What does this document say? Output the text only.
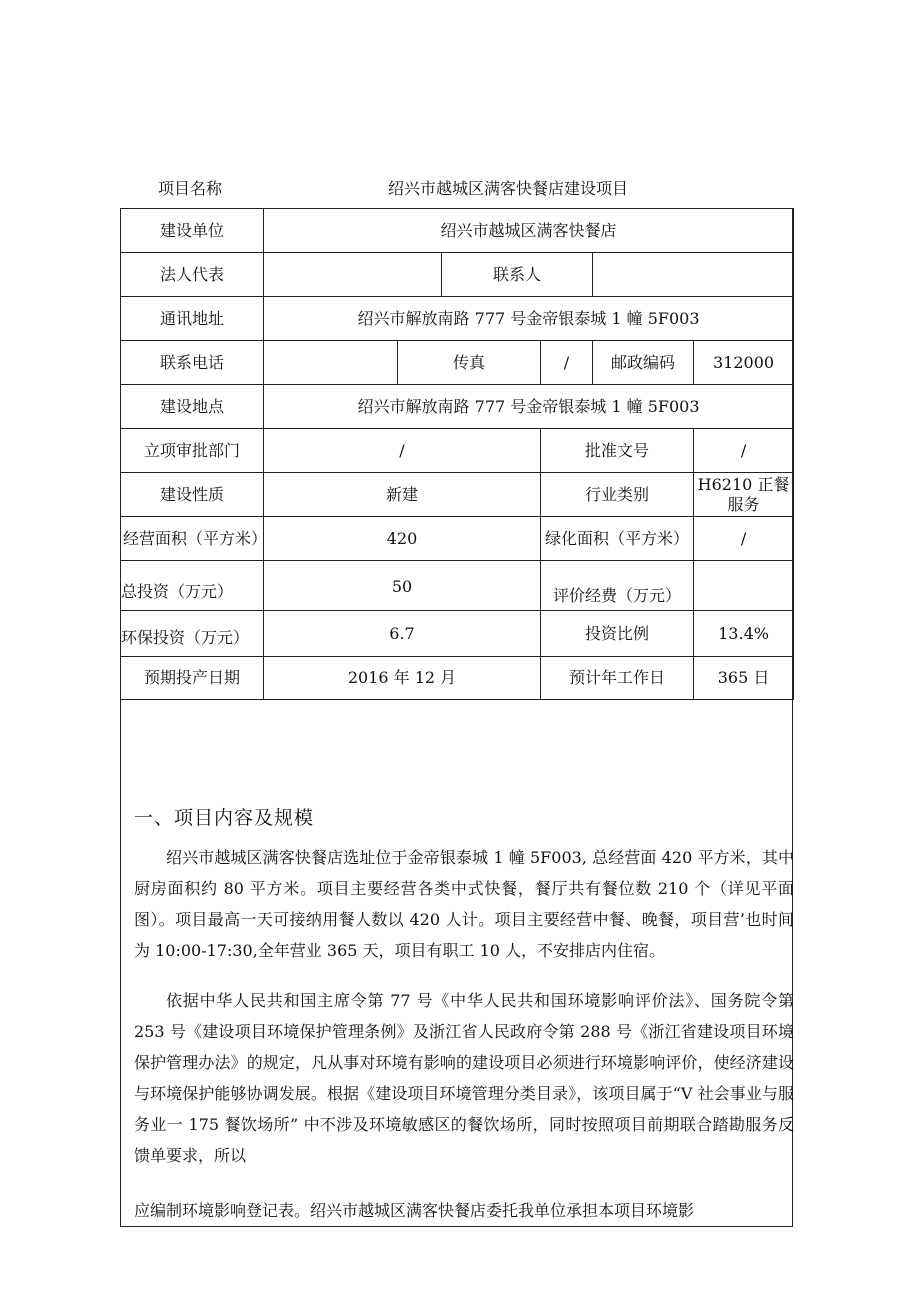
项目名称	绍兴市越城区满客快餐店建设项目
建设单位	绍兴市越城区满客快餐店					
法人代表			联系人			
通讯地址	绍兴市解放南路 777 号金帝银泰城 1 幢 5F003					
联系电话		传真		/	邮政编码	312000
建设地点	绍兴市解放南路 777 号金帝银泰城 1 幢 5F003					
立项审批部门	/			批准文号		/
建设性质	新建			行业类别		H6210 正餐服务
经营面积（平方米）	420			绿化面积（平方米）		/
总投资（万元）	50			评价经费（万元）		
环保投资（万元）	6.7			投资比例		13.4%
预期投产日期	2016 年 12 月			预计年工作日		365 日
一、项目内容及规模
绍兴市越城区满客快餐店选址位于金帝银泰城 1 幢 5F003, 总经营面 420 平方米，其中厨房面积约 80 平方米。项目主要经营各类中式快餐，餐厅共有餐位数 210 个（详见平面图）。项目最高一天可接纳用餐人数以 420 人计。项目主要经营中餐、晚餐，项目营’也时间为 10:00-17:30,全年营业 365 天，项目有职工 10 人，不安排店内住宿。
依据中华人民共和国主席令第 77 号《中华人民共和国环境影响评价法》、国务院令第 253 号《建设项目环境保护管理条例》及浙江省人民政府令第 288 号《浙江省建设项目环境保护管理办法》的规定，凡从事对环境有影响的建设项目必须进行环境影响评价，使经济建设与环境保护能够协调发展。根据《建设项目环境管理分类目录》，该项目属于“V 社会事业与服务业一 175 餐饮场所” 中不涉及环境敏感区的餐饮场所，同时按照项目前期联合踏勘服务反馈单要求，所以
应编制环境影响登记表。绍兴市越城区满客快餐店委托我单位承担本项目环境影
